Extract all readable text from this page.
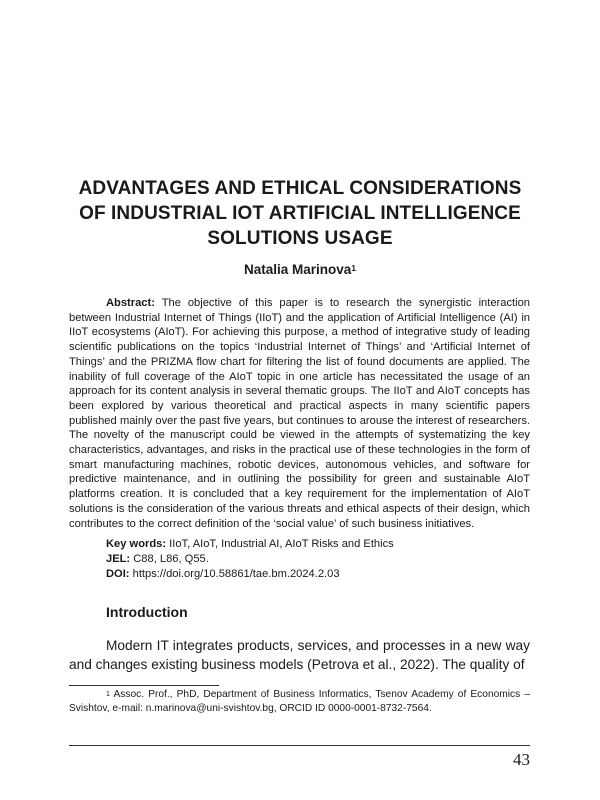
ADVANTAGES AND ETHICAL CONSIDERATIONS
OF INDUSTRIAL IOT ARTIFICIAL INTELLIGENCE
SOLUTIONS USAGE
Natalia Marinova$^1$

Abstract: The objective of this paper is to research the synergistic interaction between Industrial Internet of Things (IIoT) and the application of Artificial Intelligence (AI) in IIoT ecosystems (AIoT). For achieving this purpose, a method of integrative study of leading scientific publications on the topics ‘Industrial Internet of Things’ and ‘Artificial Internet of Things’ and the PRIZMA flow chart for filtering the list of found documents are applied. The inability of full coverage of the AIoT topic in one article has necessitated the usage of an approach for its content analysis in several thematic groups. The IIoT and AIoT concepts has been explored by various theoretical and practical aspects in many scientific papers published mainly over the past five years, but continues to arouse the interest of researchers. The novelty of the manuscript could be viewed in the attempts of systematizing the key characteristics, advantages, and risks in the practical use of these technologies in the form of smart manufacturing machines, robotic devices, autonomous vehicles, and software for predictive maintenance, and in outlining the possibility for green and sustainable AIoT platforms creation. It is concluded that a key requirement for the implementation of AIoT solutions is the consideration of the various threats and ethical aspects of their design, which contributes to the correct definition of the ‘social value’ of such business initiatives.

Key words: IIoT, AIoT, Industrial AI, AIoT Risks and Ethics
JEL: C88, L86, Q55.
DOI: https://doi.org/10.58861/tae.bm.2024.2.03
Introduction

Modern IT integrates products, services, and processes in a new way and changes existing business models (Petrova et al., 2022). The quality of

$^1$ Assoc. Prof., PhD, Department of Business Informatics, Tsenov Academy of Economics – Svishtov, e-mail: n.marinova@uni-svishtov.bg, ORCID ID 0000-0001-8732-7564.

43
